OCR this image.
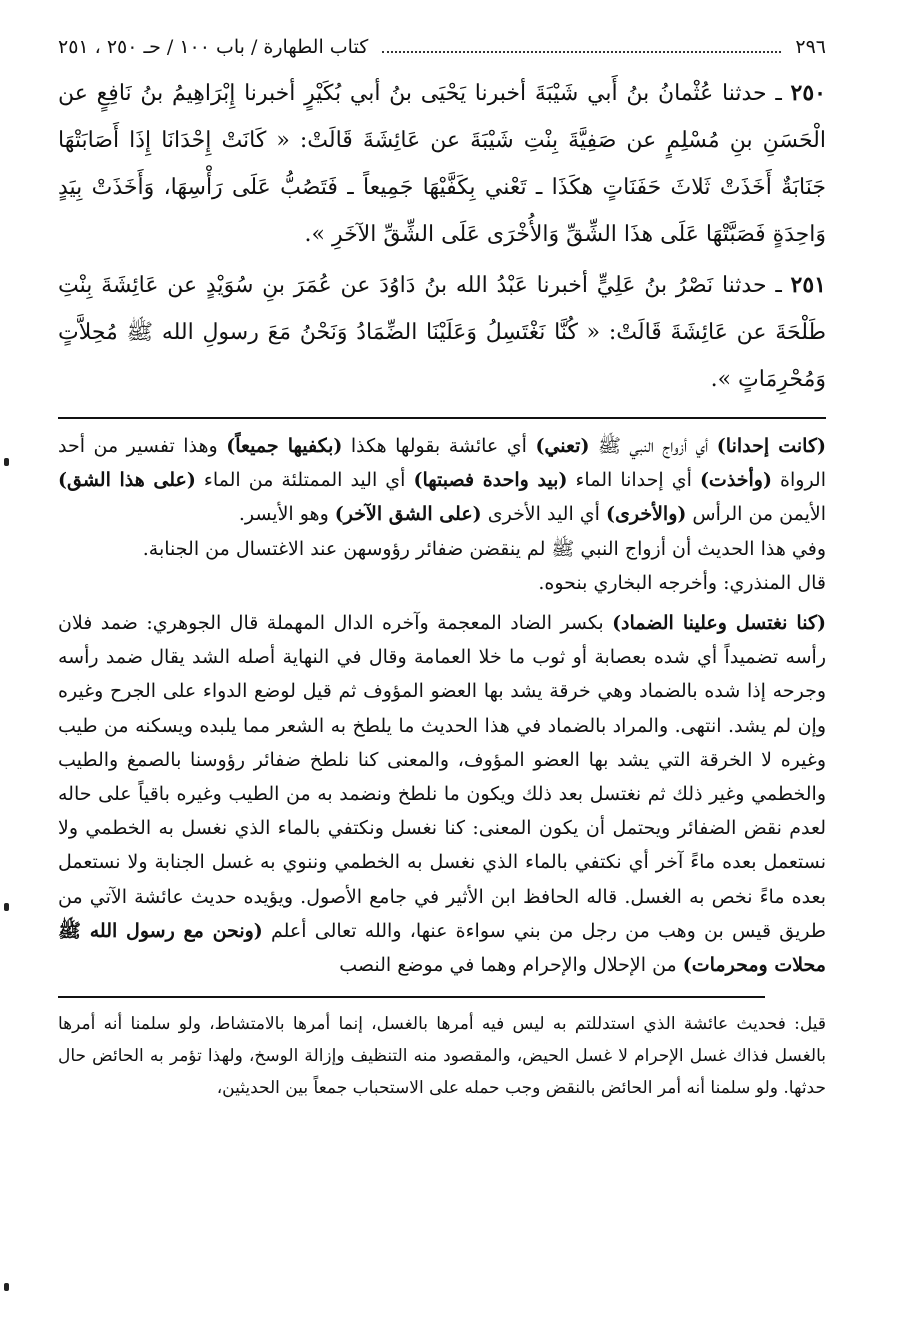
٢٩٦
كتاب الطهارة / باب ١٠٠ / حـ ٢٥٠ ، ٢٥١

٢٥٠ ـ حدثنا عُثْمانُ بنُ أَبي شَيْبَةَ أخبرنا يَحْيَى بنُ أبي بُكَيْرٍ أخبرنا إِبْرَاهِيمُ بنُ نَافِعٍ عن الْحَسَنِ بنِ مُسْلِمٍ عن صَفِيَّةَ بِنْتِ شَيْبَةَ عن عَائِشَةَ قَالَتْ: « كَانَتْ إِحْدَانَا إِذَا أَصَابَتْهَا جَنَابَةٌ أَخَذَتْ ثَلاثَ حَفَنَاتٍ هكَذَا ـ تَعْني بِكَفَّيْهَا جَمِيعاً ـ فَتَصُبُّ عَلَى رَأْسِهَا، وَأَخَذَتْ بِيَدٍ وَاحِدَةٍ فَصَبَّتْهَا عَلَى هذَا الشِّقِّ وَالأُخْرَى عَلَى الشِّقِّ الآخَرِ ».

٢٥١ ـ حدثنا نَصْرُ بنُ عَلِيٍّ أخبرنا عَبْدُ الله بنُ دَاوُدَ عن عُمَرَ بنِ سُوَيْدٍ عن عَائِشَةَ بِنْتِ طَلْحَةَ عن عَائِشَةَ قَالَتْ: « كُنَّا نَغْتَسِلُ وَعَلَيْنَا الضِّمَادُ وَنَحْنُ مَعَ رسولِ الله ﷺ مُحِلاَّتٍ وَمُحْرِمَاتٍ ».

(كانت إحدانا) أي أزواج النبي ﷺ (تعني) أي عائشة بقولها هكذا (بكفيها جميعاً) وهذا تفسير من أحد الرواة (وأخذت) أي إحدانا الماء (بيد واحدة فصبتها) أي اليد الممتلئة من الماء (على هذا الشق) الأيمن من الرأس (والأخرى) أي اليد الأخرى (على الشق الآخر) وهو الأيسر.

وفي هذا الحديث أن أزواج النبي ﷺ لم ينقضن ضفائر رؤوسهن عند الاغتسال من الجنابة.

قال المنذري: وأخرجه البخاري بنحوه.

(كنا نغتسل وعلينا الضماد) بكسر الضاد المعجمة وآخره الدال المهملة قال الجوهري: ضمد فلان رأسه تضميداً أي شده بعصابة أو ثوب ما خلا العمامة وقال في النهاية أصله الشد يقال ضمد رأسه وجرحه إذا شده بالضماد وهي خرقة يشد بها العضو المؤوف ثم قيل لوضع الدواء على الجرح وغيره وإن لم يشد. انتهى. والمراد بالضماد في هذا الحديث ما يلطخ به الشعر مما يلبده ويسكنه من طيب وغيره لا الخرقة التي يشد بها العضو المؤوف، والمعنى كنا نلطخ ضفائر رؤوسنا بالصمغ والطيب والخطمي وغير ذلك ثم نغتسل بعد ذلك ويكون ما نلطخ ونضمد به من الطيب وغيره باقياً على حاله لعدم نقض الضفائر ويحتمل أن يكون المعنى: كنا نغسل ونكتفي بالماء الذي نغسل به الخطمي ولا نستعمل بعده ماءً آخر أي نكتفي بالماء الذي نغسل به الخطمي وننوي به غسل الجنابة ولا نستعمل بعده ماءً نخص به الغسل. قاله الحافظ ابن الأثير في جامع الأصول. ويؤيده حديث عائشة الآتي من طريق قيس بن وهب من رجل من بني سواءة عنها، والله تعالى أعلم (ونحن مع رسول الله ﷺ محلات ومحرمات) من الإحلال والإحرام وهما في موضع النصب

قيل: فحديث عائشة الذي استدللتم به ليس فيه أمرها بالغسل، إنما أمرها بالامتشاط، ولو سلمنا أنه أمرها بالغسل فذاك غسل الإحرام لا غسل الحيض، والمقصود منه التنظيف وإزالة الوسخ، ولهذا تؤمر به الحائض حال حدثها. ولو سلمنا أنه أمر الحائض بالنقض وجب حمله على الاستحباب جمعاً بين الحديثين،
